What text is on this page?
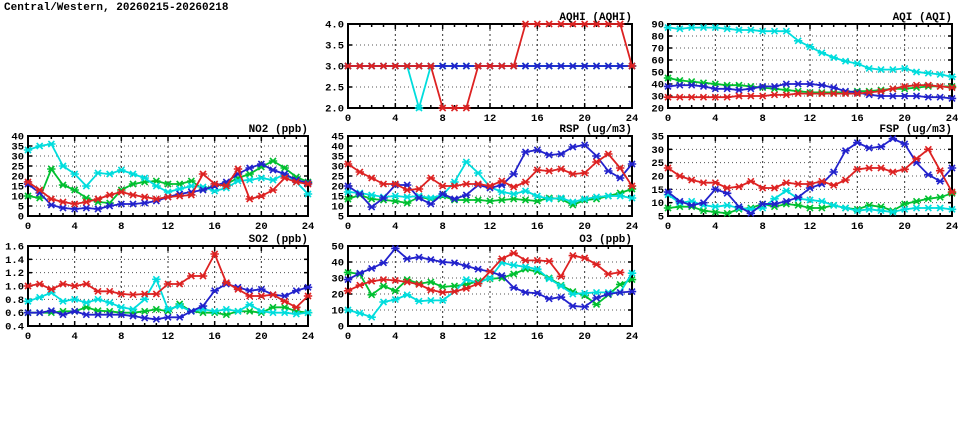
Central/Western, 20260215-20260218
2.0
2.5
3.0
3.5
4.0
0	4	8	12	16	20	24
AQHI (AQHI)
20
30
40
50
60
70
80
90
0	4	8	12	16	20	24
AQI (AQI)
0
5
10
15
20
25
30
35
40
0	4	8	12	16	20	24
NO2 (ppb)
5
10
15
20
25
30
35
40
45
0	4	8	12	16	20	24
RSP (ug/m3)
5
10
15
20
25
30
35
0	4	8	12	16	20	24
FSP (ug/m3)
0.4
0.6
0.8
1.0
1.2
1.4
1.6
0	4	8	12	16	20	24
SO2 (ppb)
0
10
20
30
40
50
0	4	8	12	16	20	24
O3 (ppb)
